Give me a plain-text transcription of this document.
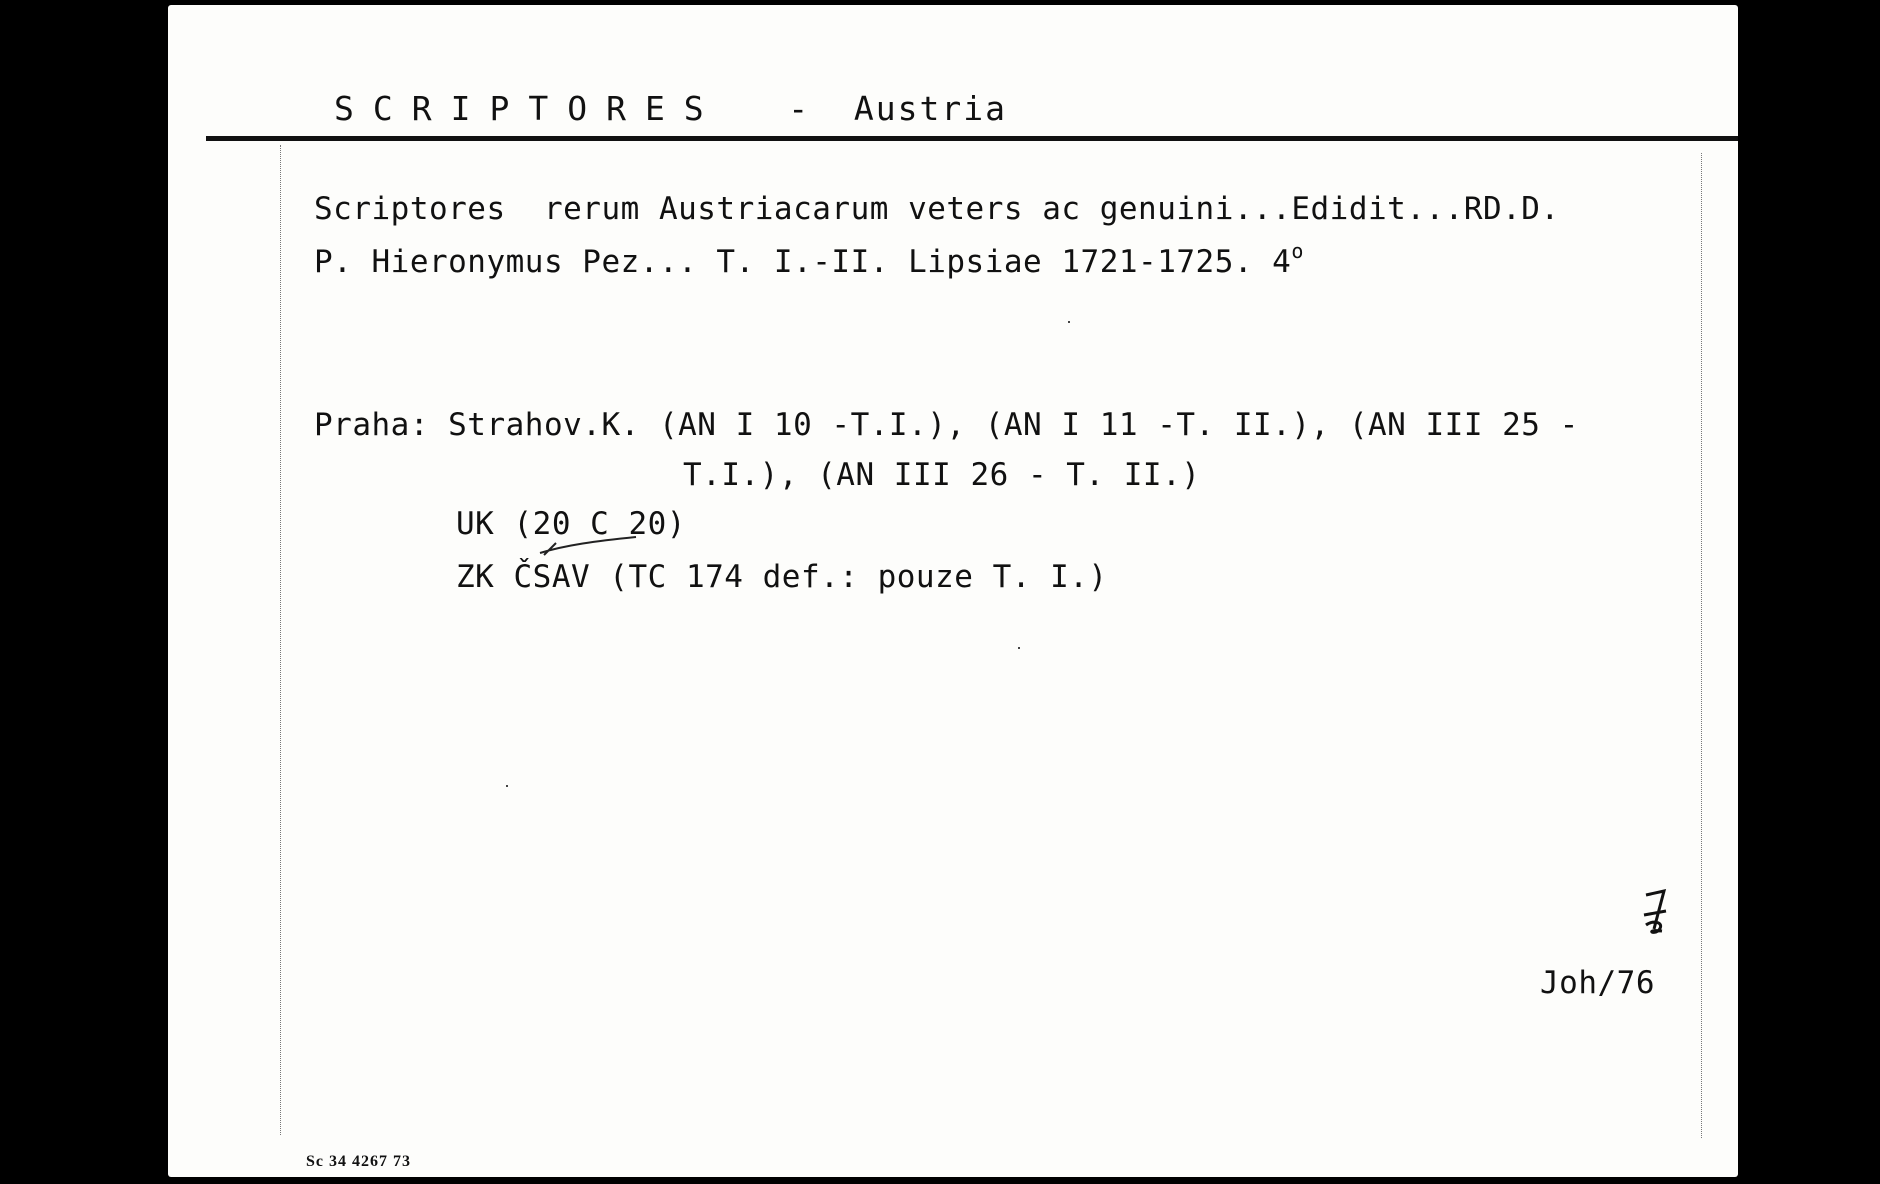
SCRIPTORES - Austria
Scriptores  rerum Austriacarum veters ac genuini...Edidit...RD.D.
P. Hieronymus Pez... T. I.-II. Lipsiae 1721-1725. 4$^o$
Praha: Strahov.K. (AN I 10 -T.I.), (AN I 11 -T. II.), (AN III 25 -
T.I.), (AN III 26 - T. II.)
UK (20 C 20)
ZK ČSAV (TC 174 def.: pouze T. I.)
Joh/76
Sc 34 4267 73
